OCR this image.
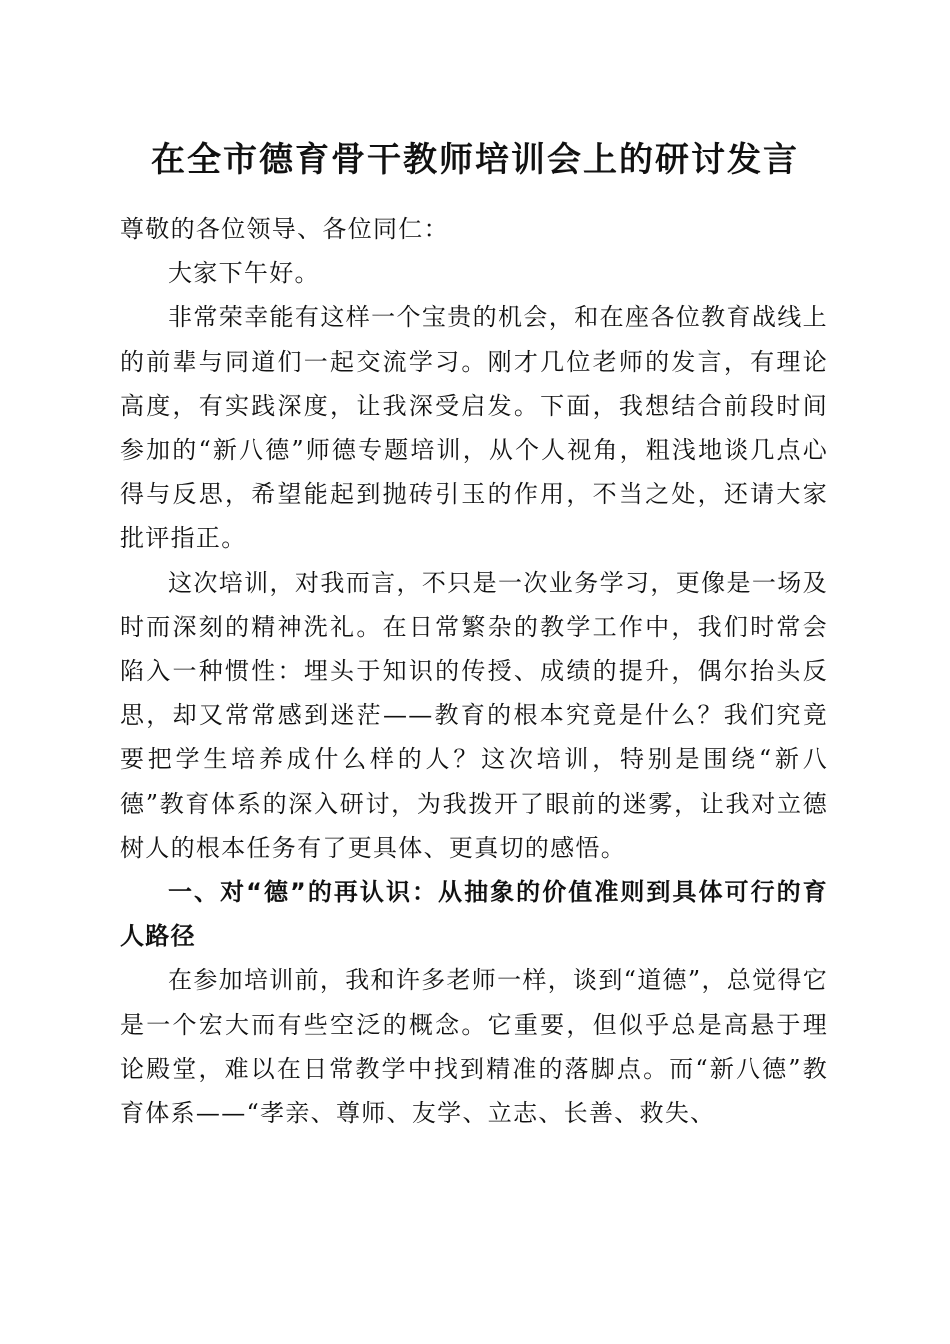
在全市德育骨干教师培训会上的研讨发言

尊敬的各位领导、各位同仁：

大家下午好。

非常荣幸能有这样一个宝贵的机会，和在座各位教育战线上的前辈与同道们一起交流学习。刚才几位老师的发言，有理论高度，有实践深度，让我深受启发。下面，我想结合前段时间参加的“新八德”师德专题培训，从个人视角，粗浅地谈几点心得与反思，希望能起到抛砖引玉的作用，不当之处，还请大家批评指正。

这次培训，对我而言，不只是一次业务学习，更像是一场及时而深刻的精神洗礼。在日常繁杂的教学工作中，我们时常会陷入一种惯性：埋头于知识的传授、成绩的提升，偶尔抬头反思，却又常常感到迷茫——教育的根本究竟是什么？我们究竟要把学生培养成什么样的人？这次培训，特别是围绕“新八德”教育体系的深入研讨，为我拨开了眼前的迷雾，让我对立德树人的根本任务有了更具体、更真切的感悟。

一、对“德”的再认识：从抽象的价值准则到具体可行的育人路径

在参加培训前，我和许多老师一样，谈到“道德”，总觉得它是一个宏大而有些空泛的概念。它重要，但似乎总是高悬于理论殿堂，难以在日常教学中找到精准的落脚点。而“新八德”教育体系——“孝亲、尊师、友学、立志、长善、救失、
